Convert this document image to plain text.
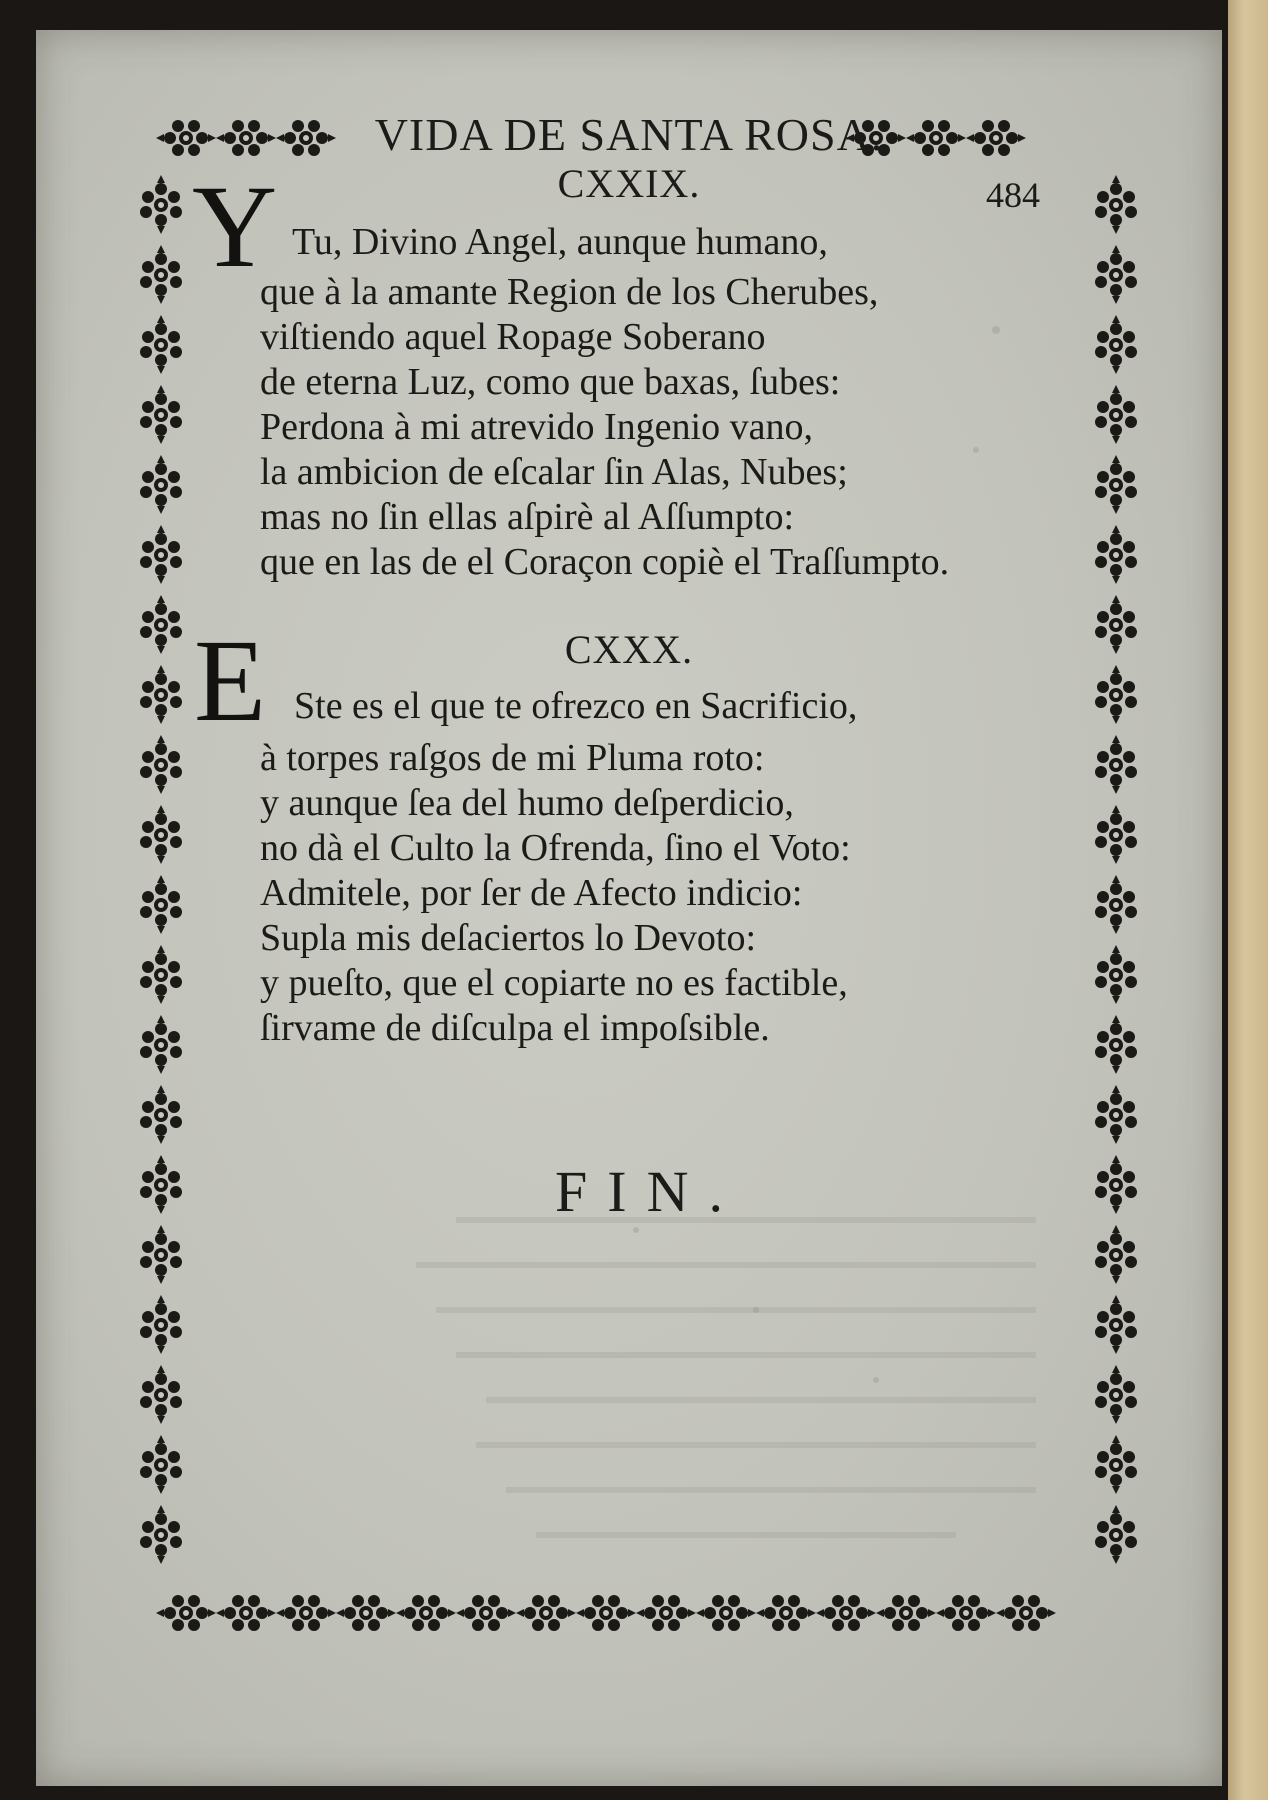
VIDA DE SANTA ROSA.
484
CXXIX.
Y Tu, Divino Angel, aunque humano,
que à la amante Region de los Cherubes,
viſtiendo aquel Ropage Soberano
de eterna Luz, como que baxas, ſubes:
Perdona à mi atrevido Ingenio vano,
la ambicion de eſcalar ſin Alas, Nubes;
mas no ſin ellas aſpirè al Aſſumpto:
que en las de el Coraçon copiè el Traſſumpto.
CXXX.
E Ste es el que te ofrezco en Sacrificio,
à torpes raſgos de mi Pluma roto:
y aunque ſea del humo deſperdicio,
no dà el Culto la Ofrenda, ſino el Voto:
Admitele, por ſer de Afecto indicio:
Supla mis deſaciertos lo Devoto:
y pueſto, que el copiarte no es factible,
ſirvame de diſculpa el impoſsible.
FIN.
